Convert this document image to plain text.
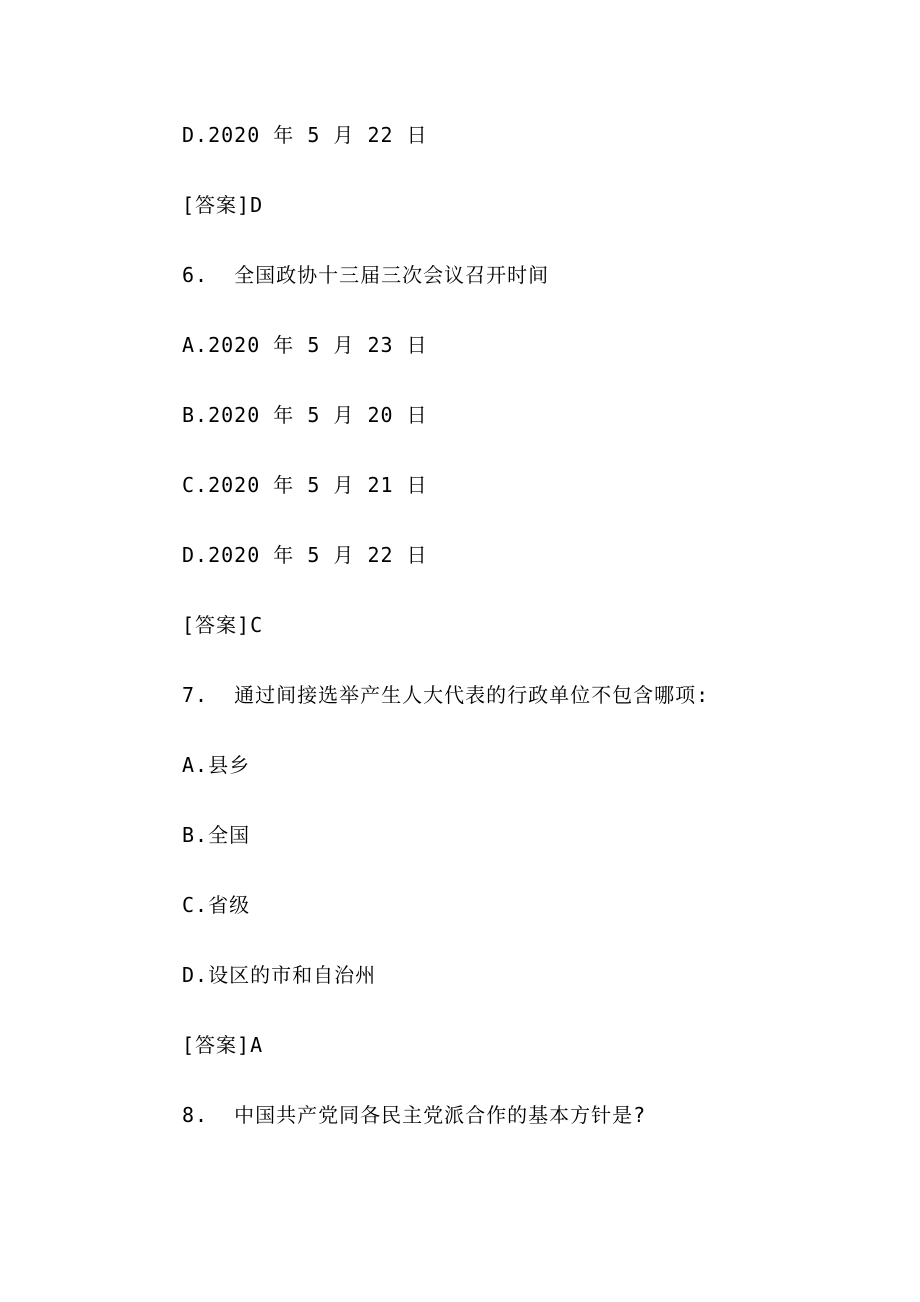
D.2020 年 5 月 22 日
[答案]D
6.  全国政协十三届三次会议召开时间
A.2020 年 5 月 23 日
B.2020 年 5 月 20 日
C.2020 年 5 月 21 日
D.2020 年 5 月 22 日
[答案]C
7.  通过间接选举产生人大代表的行政单位不包含哪项:
A.县乡
B.全国
C.省级
D.设区的市和自治州
[答案]A
8.  中国共产党同各民主党派合作的基本方针是?
